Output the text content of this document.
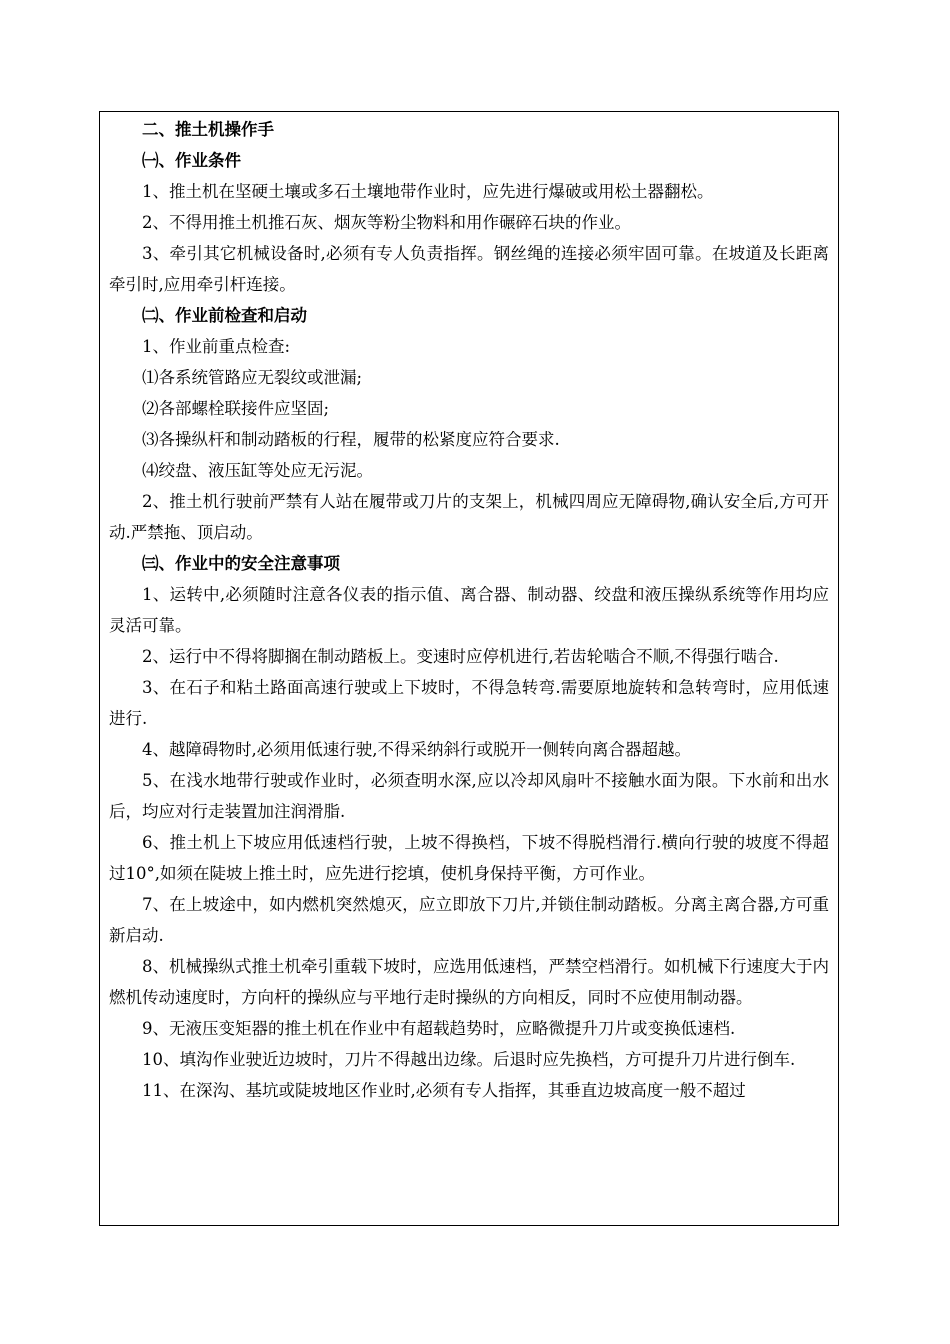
二、推土机操作手

㈠、作业条件

1、推土机在坚硬土壤或多石土壤地带作业时，应先进行爆破或用松土器翻松。

2、不得用推土机推石灰、烟灰等粉尘物料和用作碾碎石块的作业。

3、牵引其它机械设备时,必须有专人负责指挥。钢丝绳的连接必须牢固可靠。在坡道及长距离牵引时,应用牵引杆连接。

㈡、作业前检查和启动

1、作业前重点检查:

⑴各系统管路应无裂纹或泄漏;

⑵各部螺栓联接件应坚固;

⑶各操纵杆和制动踏板的行程，履带的松紧度应符合要求.

⑷绞盘、液压缸等处应无污泥。

2、推土机行驶前严禁有人站在履带或刀片的支架上，机械四周应无障碍物,确认安全后,方可开动.严禁拖、顶启动。

㈢、作业中的安全注意事项

1、运转中,必须随时注意各仪表的指示值、离合器、制动器、绞盘和液压操纵系统等作用均应灵活可靠。

2、运行中不得将脚搁在制动踏板上。变速时应停机进行,若齿轮啮合不顺,不得强行啮合.

3、在石子和粘土路面高速行驶或上下坡时，不得急转弯.需要原地旋转和急转弯时，应用低速进行.

4、越障碍物时,必须用低速行驶,不得采纳斜行或脱开一侧转向离合器超越。

5、在浅水地带行驶或作业时，必须查明水深,应以冷却风扇叶不接触水面为限。下水前和出水后，均应对行走装置加注润滑脂.

6、推土机上下坡应用低速档行驶，上坡不得换档，下坡不得脱档滑行.横向行驶的坡度不得超过10°,如须在陡坡上推土时，应先进行挖填，使机身保持平衡，方可作业。

7、在上坡途中，如内燃机突然熄灭，应立即放下刀片,并锁住制动踏板。分离主离合器,方可重新启动.

8、机械操纵式推土机牵引重载下坡时，应选用低速档，严禁空档滑行。如机械下行速度大于内燃机传动速度时，方向杆的操纵应与平地行走时操纵的方向相反，同时不应使用制动器。

9、无液压变矩器的推土机在作业中有超载趋势时，应略微提升刀片或变换低速档.

10、填沟作业驶近边坡时，刀片不得越出边缘。后退时应先换档，方可提升刀片进行倒车.

11、在深沟、基坑或陡坡地区作业时,必须有专人指挥，其垂直边坡高度一般不超过
